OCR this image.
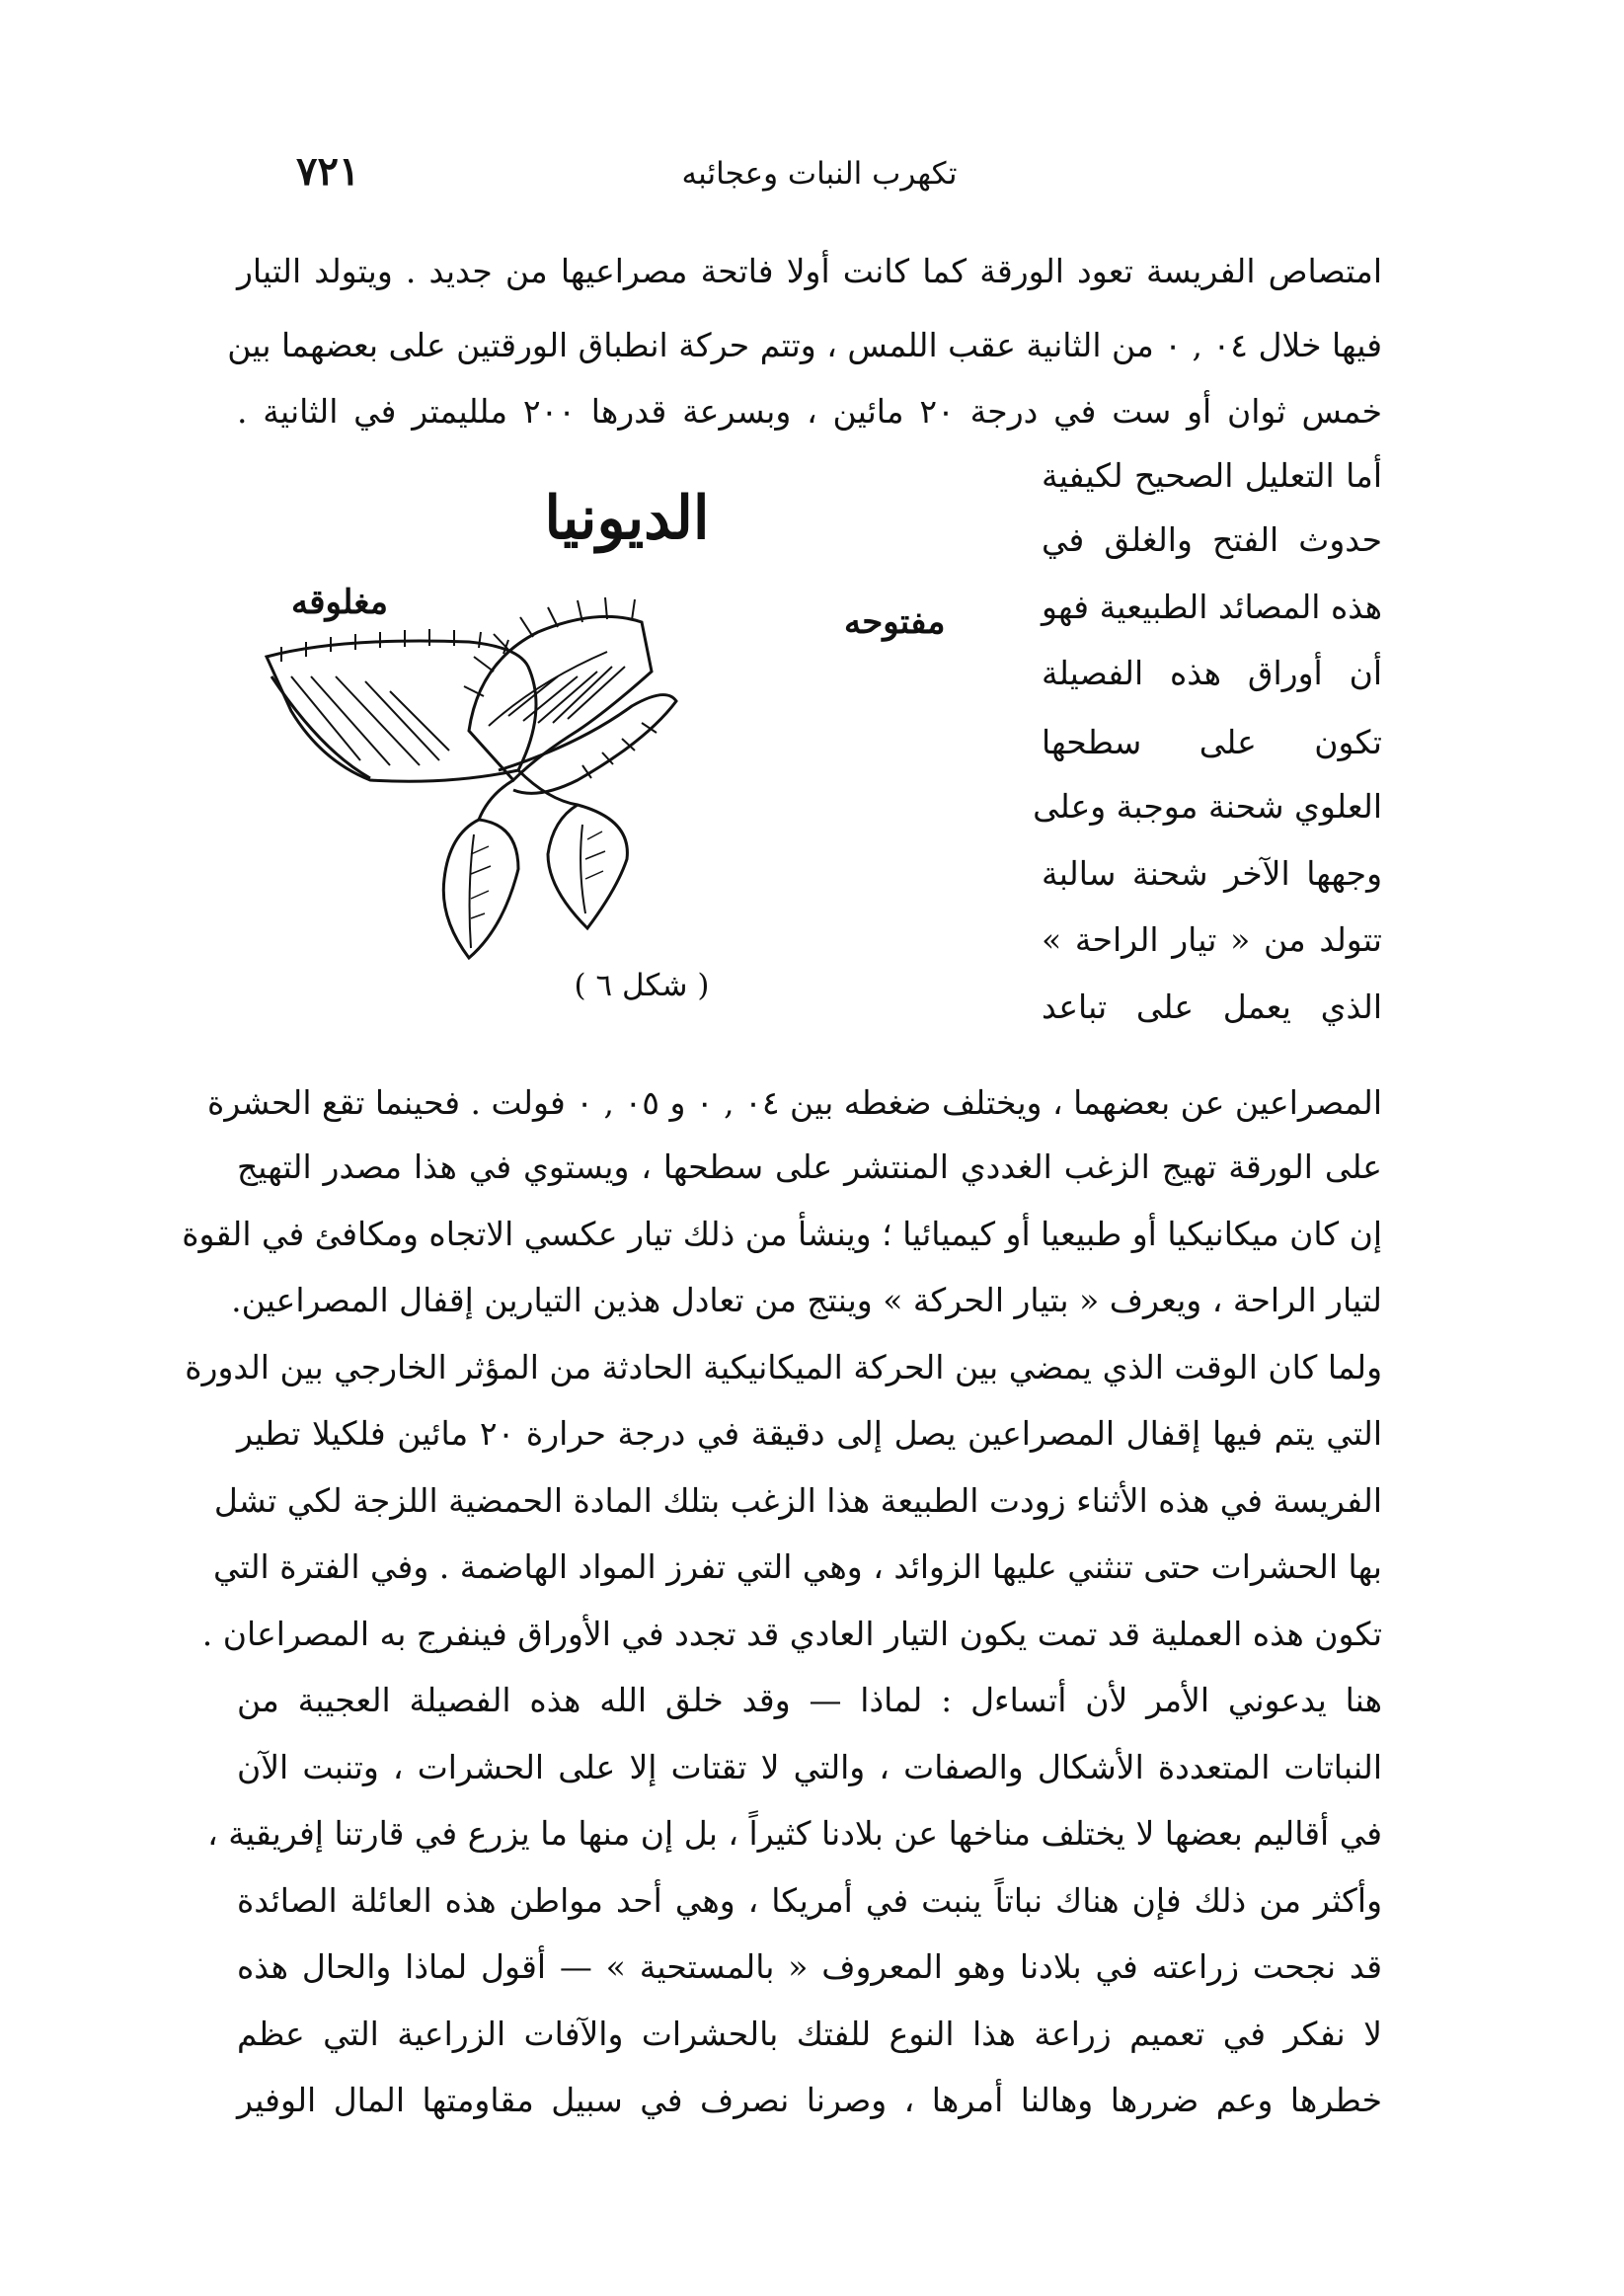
٧٢١	تكهرب النبات وعجائبه
امتصاص الفريسة تعود الورقة كما كانت أولا فاتحة مصراعيها من جديد . ويتولد التيار
فيها خلال ٠٤ , ٠ من الثانية عقب اللمس ، وتتم حركة انطباق الورقتين على بعضهما بين
خمس ثوان أو ست في درجة ٢٠ مائين ، وبسرعة قدرها ٢٠٠ ملليمتر في الثانية .
أما التعليل الصحيح لكيفية
حدوث الفتح والغلق في
هذه المصائد الطبيعية فهو
أن أوراق هذه الفصيلة
تكون على سطحها
العلوي شحنة موجبة وعلى
وجهها الآخر شحنة سالبة
تتولد من « تيار الراحة »
الذي يعمل على تباعد
الديونيا
مغلوقه	مفتوحه
( شكل ٦ )
المصراعين عن بعضهما ، ويختلف ضغطه بين ٠٤ , ٠ و ٠٥ , ٠ فولت . فحينما تقع الحشرة
على الورقة تهيج الزغب الغددي المنتشر على سطحها ، ويستوي في هذا مصدر التهيج
إن كان ميكانيكيا أو طبيعيا أو كيميائيا ؛ وينشأ من ذلك تيار عكسي الاتجاه ومكافئ في القوة
لتيار الراحة ، ويعرف « بتيار الحركة » وينتج من تعادل هذين التيارين إقفال المصراعين.
ولما كان الوقت الذي يمضي بين الحركة الميكانيكية الحادثة من المؤثر الخارجي بين الدورة
التي يتم فيها إقفال المصراعين يصل إلى دقيقة في درجة حرارة ٢٠ مائين فلكيلا تطير
الفريسة في هذه الأثناء زودت الطبيعة هذا الزغب بتلك المادة الحمضية اللزجة لكي تشل
بها الحشرات حتى تنثني عليها الزوائد ، وهي التي تفرز المواد الهاضمة . وفي الفترة التي
تكون هذه العملية قد تمت يكون التيار العادي قد تجدد في الأوراق فينفرج به المصراعان .
هنا يدعوني الأمر لأن أتساءل : لماذا — وقد خلق الله هذه الفصيلة العجيبة من
النباتات المتعددة الأشكال والصفات ، والتي لا تقتات إلا على الحشرات ، وتنبت الآن
في أقاليم بعضها لا يختلف مناخها عن بلادنا كثيراً ، بل إن منها ما يزرع في قارتنا إفريقية ،
وأكثر من ذلك فإن هناك نباتاً ينبت في أمريكا ، وهي أحد مواطن هذه العائلة الصائدة
قد نجحت زراعته في بلادنا وهو المعروف « بالمستحية » — أقول لماذا والحال هذه
لا نفكر في تعميم زراعة هذا النوع للفتك بالحشرات والآفات الزراعية التي عظم
خطرها وعم ضررها وهالنا أمرها ، وصرنا نصرف في سبيل مقاومتها المال الوفير
